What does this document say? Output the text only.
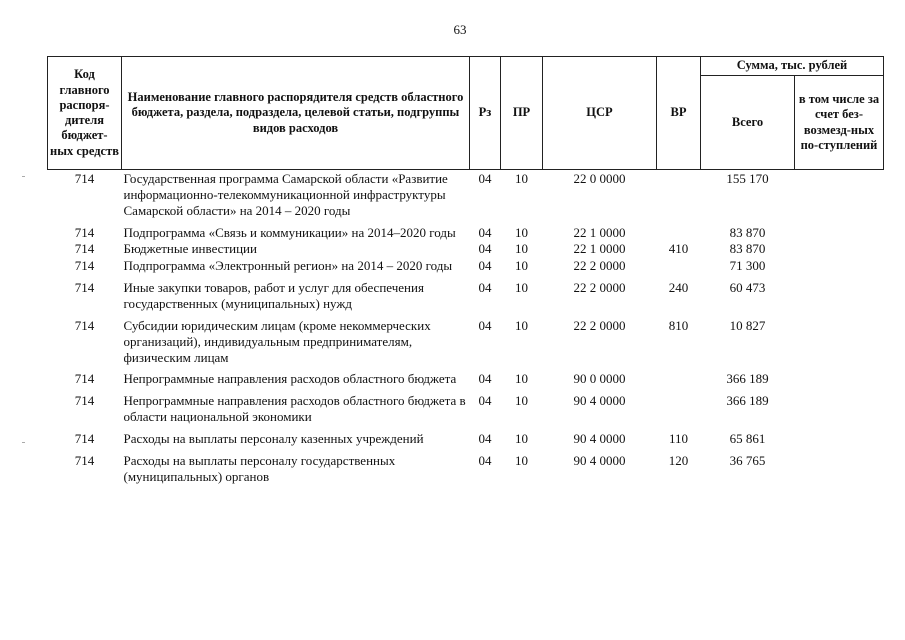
63
Код главного распоря-дителя бюджет-ных средств	Наименование главного распорядителя средств областного бюджета, раздела, подраздела, целевой статьи, подгруппы видов расходов	Рз	ПР	ЦСР	ВР	Сумма, тыс. рублей	
						Всего	в том числе за счет без-возмезд-ных по-ступлений
714	Государственная программа Самарской области «Развитие информационно-телекоммуникационной инфраструктуры Самарской области» на 2014 – 2020 годы	04	10	22 0 0000		155 170	
714	Подпрограмма «Связь и коммуникации» на 2014–2020 годы	04	10	22 1 0000		83 870	
714	Бюджетные инвестиции	04	10	22 1 0000	410	83 870	
714	Подпрограмма «Электронный регион» на 2014 – 2020 годы	04	10	22 2 0000		71 300	
714	Иные закупки товаров, работ и услуг для обеспечения государственных (муниципальных) нужд	04	10	22 2 0000	240	60 473	
714	Субсидии юридическим лицам (кроме некоммерческих организаций), индивидуальным предпринимателям, физическим лицам	04	10	22 2 0000	810	10 827	
714	Непрограммные направления расходов областного бюджета	04	10	90 0 0000		366 189	
714	Непрограммные направления расходов областного бюджета в области национальной экономики	04	10	90 4 0000		366 189	
714	Расходы на выплаты персоналу казенных учреждений	04	10	90 4 0000	110	65 861	
714	Расходы на выплаты персоналу государственных (муниципальных) органов	04	10	90 4 0000	120	36 765	
